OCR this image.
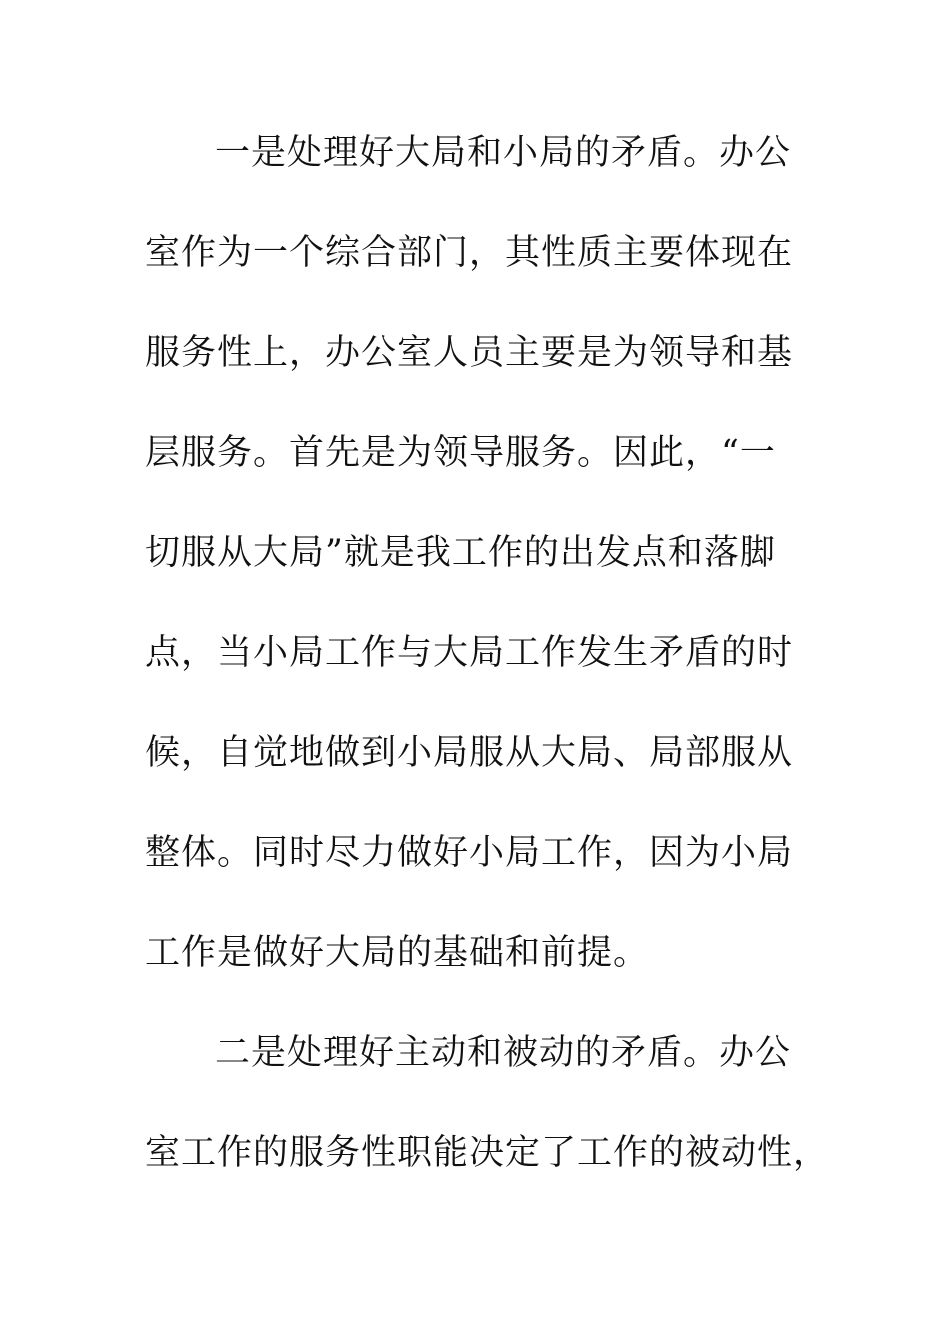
一是处理好大局和小局的矛盾。办公
室作为一个综合部门，其性质主要体现在
服务性上，办公室人员主要是为领导和基
层服务。首先是为领导服务。因此，“一
切服从大局”就是我工作的出发点和落脚
点，当小局工作与大局工作发生矛盾的时
候，自觉地做到小局服从大局、局部服从
整体。同时尽力做好小局工作，因为小局
工作是做好大局的基础和前提。
二是处理好主动和被动的矛盾。办公
室工作的服务性职能决定了工作的被动性，
